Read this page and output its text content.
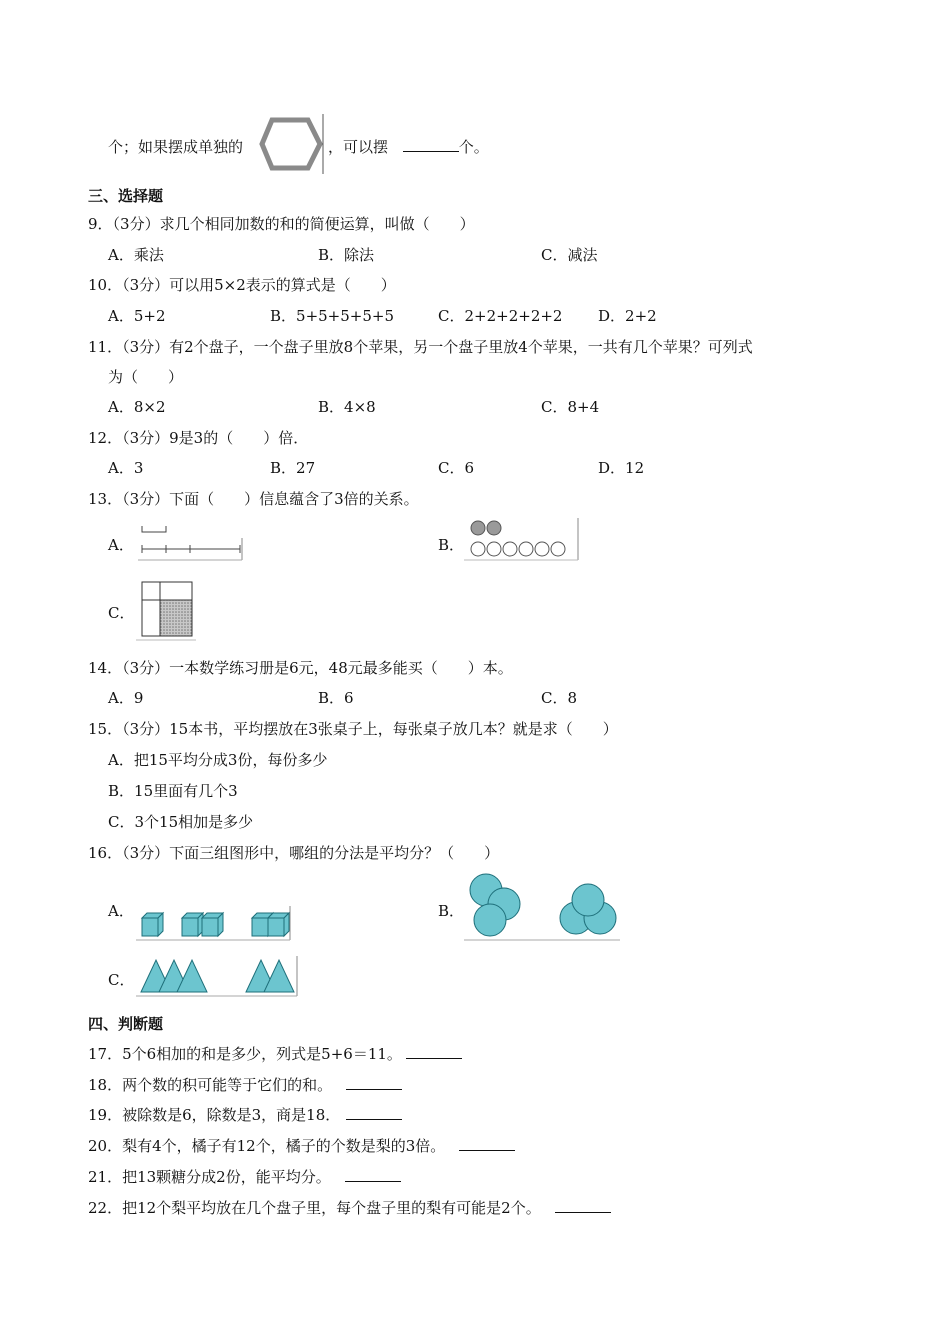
个；如果摆成单独的	，可以摆	个。
三、选择题
9．（3分）求几个相同加数的和的简便运算，叫做（　　）
A．乘法	B．除法	C．减法
10．（3分）可以用5×2表示的算式是（　　）
A．5+2	B．5+5+5+5+5	C．2+2+2+2+2 D．2+2
11．（3分）有2个盘子，一个盘子里放8个苹果，另一个盘子里放4个苹果，一共有几个苹果？可列式
为（　　）
A．8×2	B．4×8	C．8+4
12．（3分）9是3的（　　）倍．
A．3	B．27	C．6	D．12
13．（3分）下面（　　）信息蕴含了3倍的关系。
A．	B．
C．
14．（3分）一本数学练习册是6元，48元最多能买（　　）本。
A．9	B．6	C．8
15．（3分）15本书，平均摆放在3张桌子上，每张桌子放几本？就是求（　　）
A．把15平均分成3份，每份多少
B．15里面有几个3
C．3个15相加是多少
16．（3分）下面三组图形中，哪组的分法是平均分？（　　）
A．	B．
C．
四、判断题
17．5个6相加的和是多少，列式是5+6＝11。
18．两个数的积可能等于它们的和。
19．被除数是6，除数是3，商是18．
20．梨有4个，橘子有12个，橘子的个数是梨的3倍。
21．把13颗糖分成2份，能平均分。
22．把12个梨平均放在几个盘子里，每个盘子里的梨有可能是2个。
